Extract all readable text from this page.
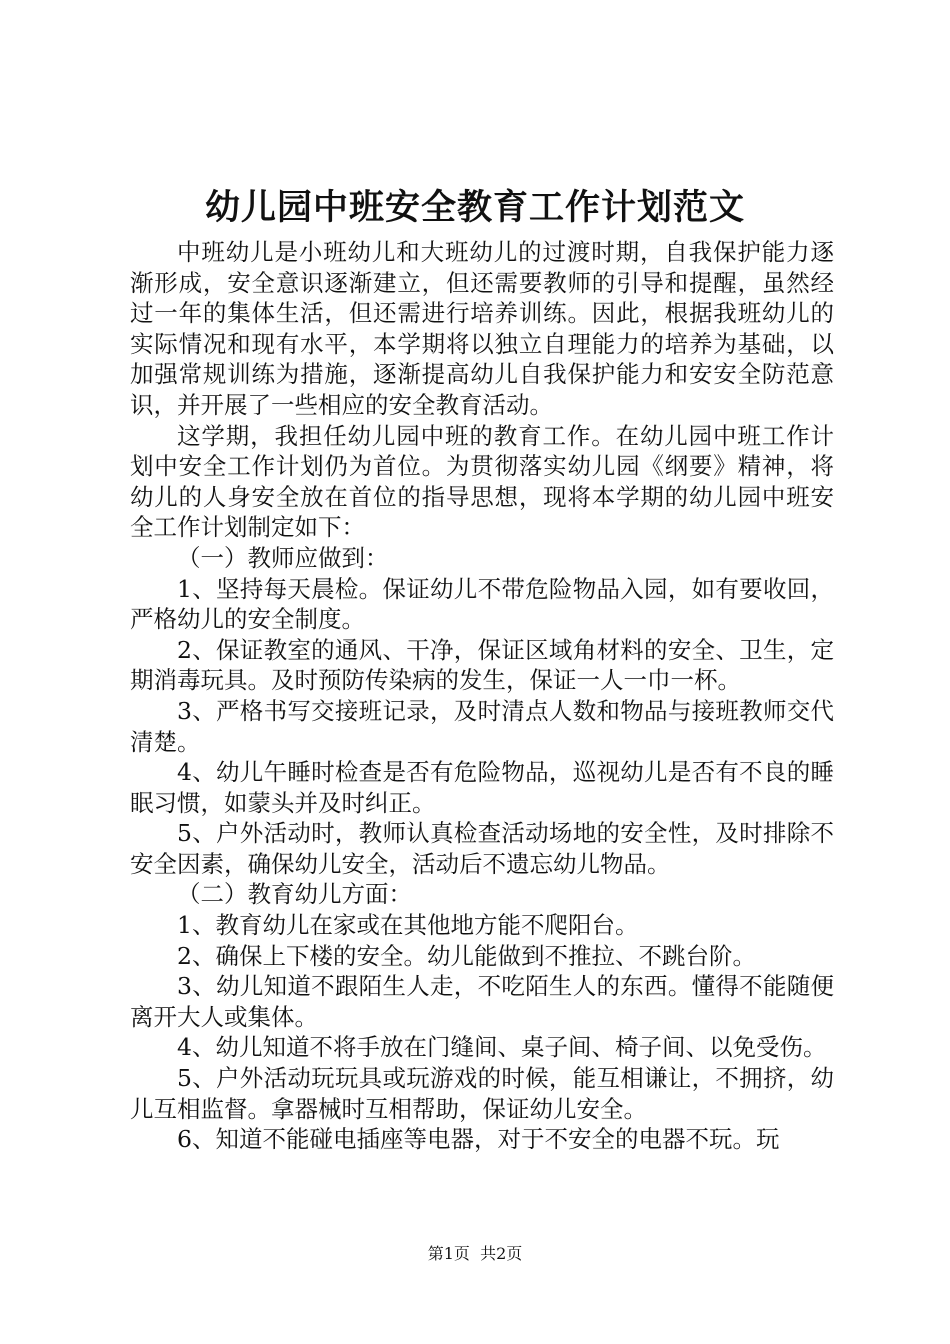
幼儿园中班安全教育工作计划范文

中班幼儿是小班幼儿和大班幼儿的过渡时期，自我保护能力逐渐形成，安全意识逐渐建立，但还需要教师的引导和提醒，虽然经过一年的集体生活，但还需进行培养训练。因此，根据我班幼儿的实际情况和现有水平，本学期将以独立自理能力的培养为基础，以加强常规训练为措施，逐渐提高幼儿自我保护能力和安安全防范意识，并开展了一些相应的安全教育活动。

这学期，我担任幼儿园中班的教育工作。在幼儿园中班工作计划中安全工作计划仍为首位。为贯彻落实幼儿园《纲要》精神，将幼儿的人身安全放在首位的指导思想，现将本学期的幼儿园中班安全工作计划制定如下：

（一）教师应做到：

1、坚持每天晨检。保证幼儿不带危险物品入园，如有要收回，严格幼儿的安全制度。

2、保证教室的通风、干净，保证区域角材料的安全、卫生，定期消毒玩具。及时预防传染病的发生，保证一人一巾一杯。

3、严格书写交接班记录，及时清点人数和物品与接班教师交代清楚。

4、幼儿午睡时检查是否有危险物品，巡视幼儿是否有不良的睡眠习惯，如蒙头并及时纠正。

5、户外活动时，教师认真检查活动场地的安全性，及时排除不安全因素，确保幼儿安全，活动后不遗忘幼儿物品。

（二）教育幼儿方面：

1、教育幼儿在家或在其他地方能不爬阳台。

2、确保上下楼的安全。幼儿能做到不推拉、不跳台阶。

3、幼儿知道不跟陌生人走，不吃陌生人的东西。懂得不能随便离开大人或集体。

4、幼儿知道不将手放在门缝间、桌子间、椅子间、以免受伤。

5、户外活动玩玩具或玩游戏的时候，能互相谦让，不拥挤，幼儿互相监督。拿器械时互相帮助，保证幼儿安全。

6、知道不能碰电插座等电器，对于不安全的电器不玩。玩

第1页  共2页
